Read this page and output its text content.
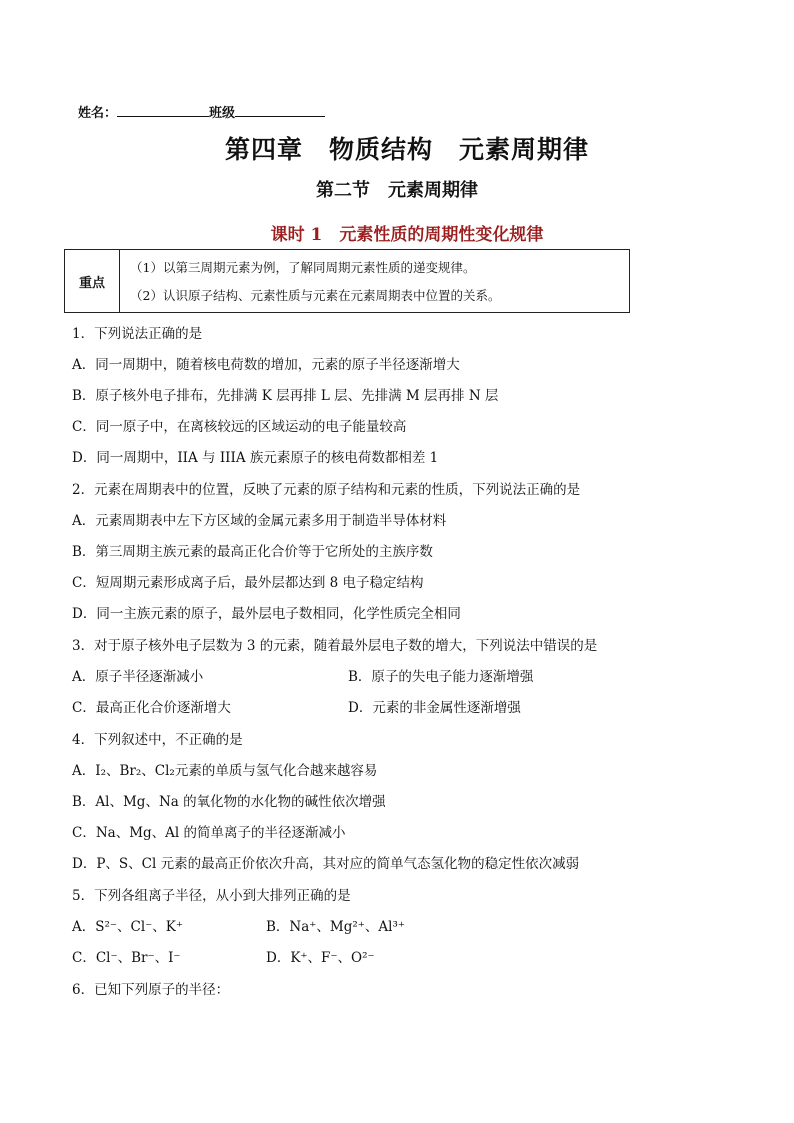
姓名：	班级
第四章　物质结构　元素周期律
第二节　元素周期律
课时 1　元素性质的周期性变化规律
重点
（1）以第三周期元素为例，了解同周期元素性质的递变规律。
（2）认识原子结构、元素性质与元素在元素周期表中位置的关系。
1．下列说法正确的是
A．同一周期中，随着核电荷数的增加，元素的原子半径逐渐增大
B．原子核外电子排布，先排满 K 层再排 L 层、先排满 M 层再排 N 层
C．同一原子中，在离核较远的区域运动的电子能量较高
D．同一周期中，IIA 与 IIIA 族元素原子的核电荷数都相差 1
2．元素在周期表中的位置，反映了元素的原子结构和元素的性质，下列说法正确的是
A．元素周期表中左下方区域的金属元素多用于制造半导体材料
B．第三周期主族元素的最高正化合价等于它所处的主族序数
C．短周期元素形成离子后，最外层都达到 8 电子稳定结构
D．同一主族元素的原子，最外层电子数相同，化学性质完全相同
3．对于原子核外电子层数为 3 的元素，随着最外层电子数的增大，下列说法中错误的是
A．原子半径逐渐减小	B．原子的失电子能力逐渐增强
C．最高正化合价逐渐增大	D．元素的非金属性逐渐增强
4．下列叙述中，不正确的是
A．I₂、Br₂、Cl₂元素的单质与氢气化合越来越容易
B．Al、Mg、Na 的氧化物的水化物的碱性依次增强
C．Na、Mg、Al 的简单离子的半径逐渐减小
D．P、S、Cl 元素的最高正价依次升高，其对应的简单气态氢化物的稳定性依次减弱
5．下列各组离子半径，从小到大排列正确的是
A．S²⁻、Cl⁻、K⁺	B．Na⁺、Mg²⁺、Al³⁺
C．Cl⁻、Br⁻、I⁻	D．K⁺、F⁻、O²⁻
6．已知下列原子的半径：
